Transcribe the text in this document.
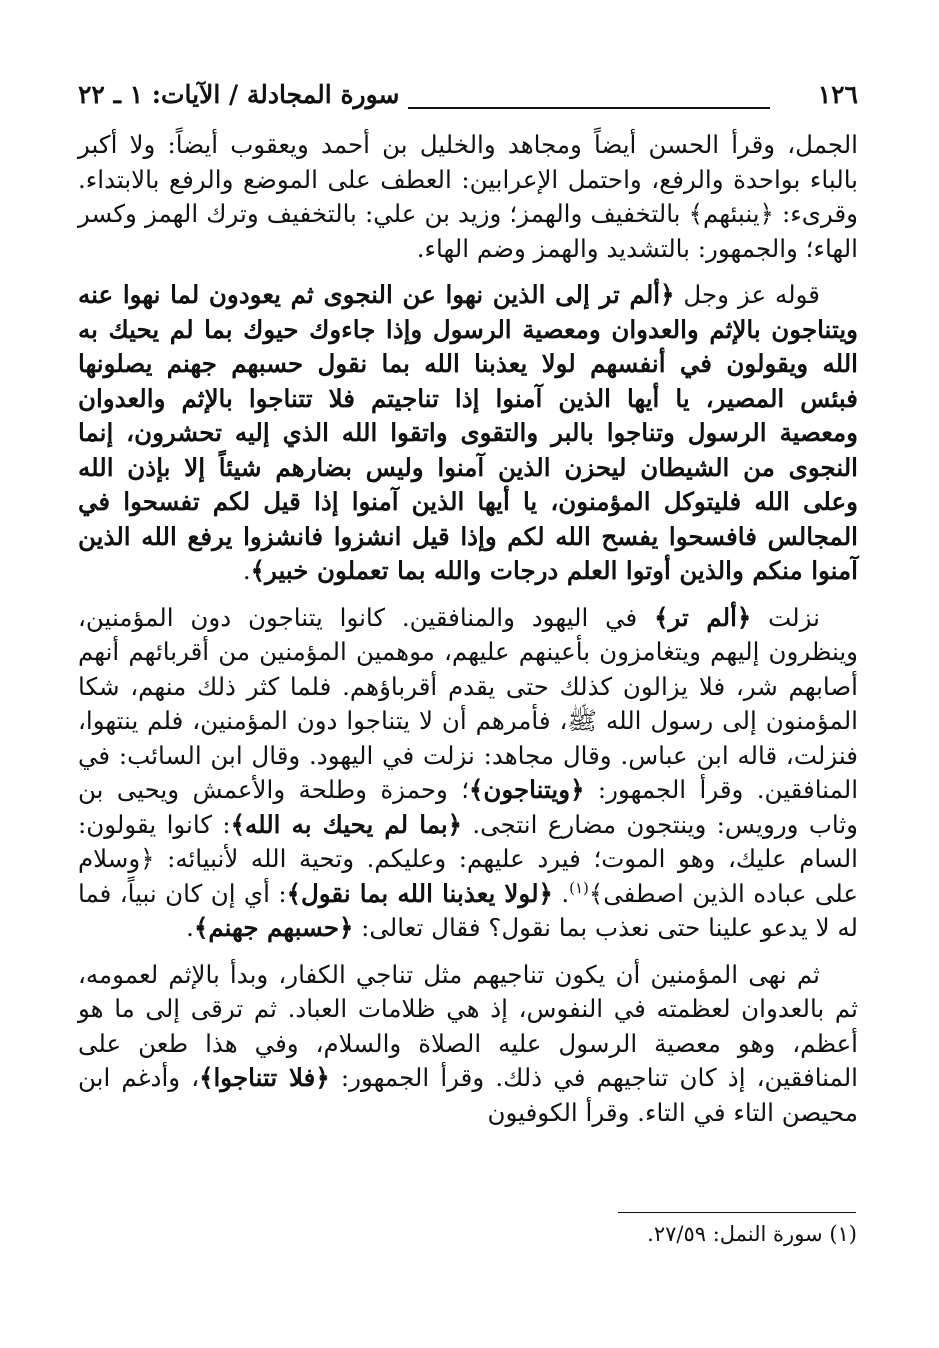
١٢٦
سورة المجادلة / الآيات: ١ ـ ٢٢

الجمل، وقرأ الحسن أيضاً ومجاهد والخليل بن أحمد ويعقوب أيضاً: ولا أكبر بالباء بواحدة والرفع، واحتمل الإعرابين: العطف على الموضع والرفع بالابتداء. وقرىء: ﴿ينبئهم﴾ بالتخفيف والهمز؛ وزيد بن علي: بالتخفيف وترك الهمز وكسر الهاء؛ والجمهور: بالتشديد والهمز وضم الهاء.

قوله عز وجل ﴿ألم تر إلى الذين نهوا عن النجوى ثم يعودون لما نهوا عنه ويتناجون بالإثم والعدوان ومعصية الرسول وإذا جاءوك حيوك بما لم يحيك به الله ويقولون في أنفسهم لولا يعذبنا الله بما نقول حسبهم جهنم يصلونها فبئس المصير، يا أيها الذين آمنوا إذا تناجيتم فلا تتناجوا بالإثم والعدوان ومعصية الرسول وتناجوا بالبر والتقوى واتقوا الله الذي إليه تحشرون، إنما النجوى من الشيطان ليحزن الذين آمنوا وليس بضارهم شيئاً إلا بإذن الله وعلى الله فليتوكل المؤمنون، يا أيها الذين آمنوا إذا قيل لكم تفسحوا في المجالس فافسحوا يفسح الله لكم وإذا قيل انشزوا فانشزوا يرفع الله الذين آمنوا منكم والذين أوتوا العلم درجات والله بما تعملون خبير﴾.

نزلت ﴿ألم تر﴾ في اليهود والمنافقين. كانوا يتناجون دون المؤمنين، وينظرون إليهم ويتغامزون بأعينهم عليهم، موهمين المؤمنين من أقربائهم أنهم أصابهم شر، فلا يزالون كذلك حتى يقدم أقرباؤهم. فلما كثر ذلك منهم، شكا المؤمنون إلى رسول الله ﷺ، فأمرهم أن لا يتناجوا دون المؤمنين، فلم ينتهوا، فنزلت، قاله ابن عباس. وقال مجاهد: نزلت في اليهود. وقال ابن السائب: في المنافقين. وقرأ الجمهور: ﴿ويتناجون﴾؛ وحمزة وطلحة والأعمش ويحيى بن وثاب ورويس: وينتجون مضارع انتجى. ﴿بما لم يحيك به الله﴾: كانوا يقولون: السام عليك، وهو الموت؛ فيرد عليهم: وعليكم. وتحية الله لأنبيائه: ﴿وسلام على عباده الذين اصطفى﴾$^{(١)}$. ﴿لولا يعذبنا الله بما نقول﴾: أي إن كان نبياً، فما له لا يدعو علينا حتى نعذب بما نقول؟ فقال تعالى: ﴿حسبهم جهنم﴾.

ثم نهى المؤمنين أن يكون تناجيهم مثل تناجي الكفار، وبدأ بالإثم لعمومه، ثم بالعدوان لعظمته في النفوس، إذ هي ظلامات العباد. ثم ترقى إلى ما هو أعظم، وهو معصية الرسول عليه الصلاة والسلام، وفي هذا طعن على المنافقين، إذ كان تناجيهم في ذلك. وقرأ الجمهور: ﴿فلا تتناجوا﴾، وأدغم ابن محيصن التاء في التاء. وقرأ الكوفيون

(١) سورة النمل: ٢٧/٥٩.
